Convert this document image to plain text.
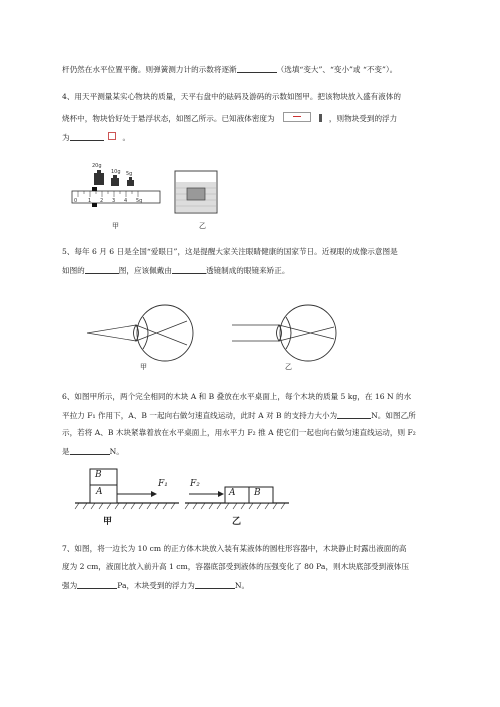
杆仍然在水平位置平衡。则弹簧测力计的示数将逐渐	（选填“变大”、“变小”或 “不变”）。
4、用天平测量某实心物块的质量，天平右盘中的砝码及游码的示数如图甲。把该物块放入盛有液体的
烧杯中，物块恰好处于悬浮状态，如图乙所示。已知液体密度为	，则物块受到的浮力
为	。
0 1 2 3 4 5g
20g
10g 5g
甲	乙
5、每年 6 月 6 日是全国“爱眼日”，这是提醒大家关注眼睛健康的国家节日。近视眼的成像示意图是
如图的	图，应该佩戴由	透镜制成的眼镜来矫正。
甲	乙
6、如图甲所示，两个完全相同的木块 A 和 B 叠放在水平桌面上，每个木块的质量 5 kg，在 16 N 的水
平拉力 F₁ 作用下，A、B 一起向右做匀速直线运动，此时 A 对 B 的支持力大小为	N。如图乙所
示，若将 A、B 木块紧靠着放在水平桌面上，用水平力 F₂ 推 A 使它们一起也向右做匀速直线运动，则 F₂
是	N。
B
A
F₁
甲
F₂
A B
乙
7、如图，将一边长为 10 cm 的正方体木块放入装有某液体的圆柱形容器中，木块静止时露出液面的高
度为 2 cm，液面比放入前升高 1 cm，容器底部受到液体的压强变化了 80 Pa，则木块底部受到液体压
强为	Pa，木块受到的浮力为	N。
